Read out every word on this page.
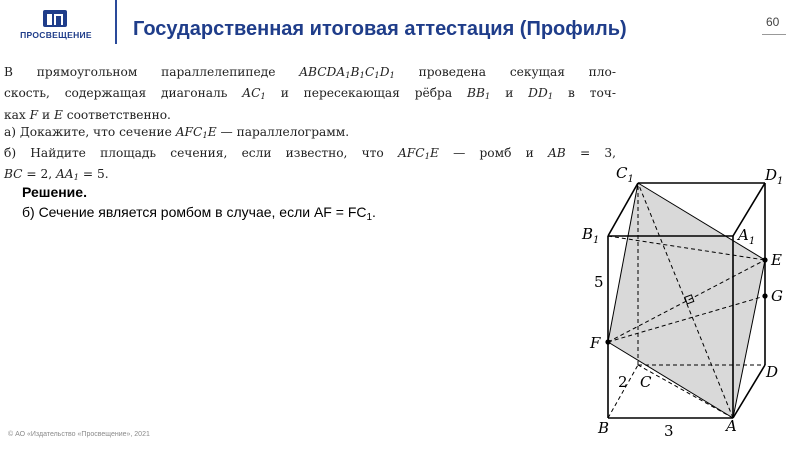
ПРОСВЕЩЕНИЕ	Государственная итоговая аттестация (Профиль)	60

В прямоугольном параллелепипеде $ABCDA_1B_1C_1D_1$ проведена секущая пло-

скость, содержащая диагональ $AC_1$ и пересекающая рёбра $BB_1$ и $DD_1$ в точ-

ках F и E соответственно.

а) Докажите, что сечение $AFC_1E$ — параллелограмм.

б) Найдите площадь сечения, если известно, что $AFC_1E$ — ромб и AB = 3,

BC = 2, $AA_1 = 5$.

Решение.
б) Сечение является ромбом в случае, если AF = $FC_1$.
$C_1$	$D_1$
$B_1$	$A_1$
E
G
F
C
D
B	A
5
2
3
© АО «Издательство «Просвещение», 2021
